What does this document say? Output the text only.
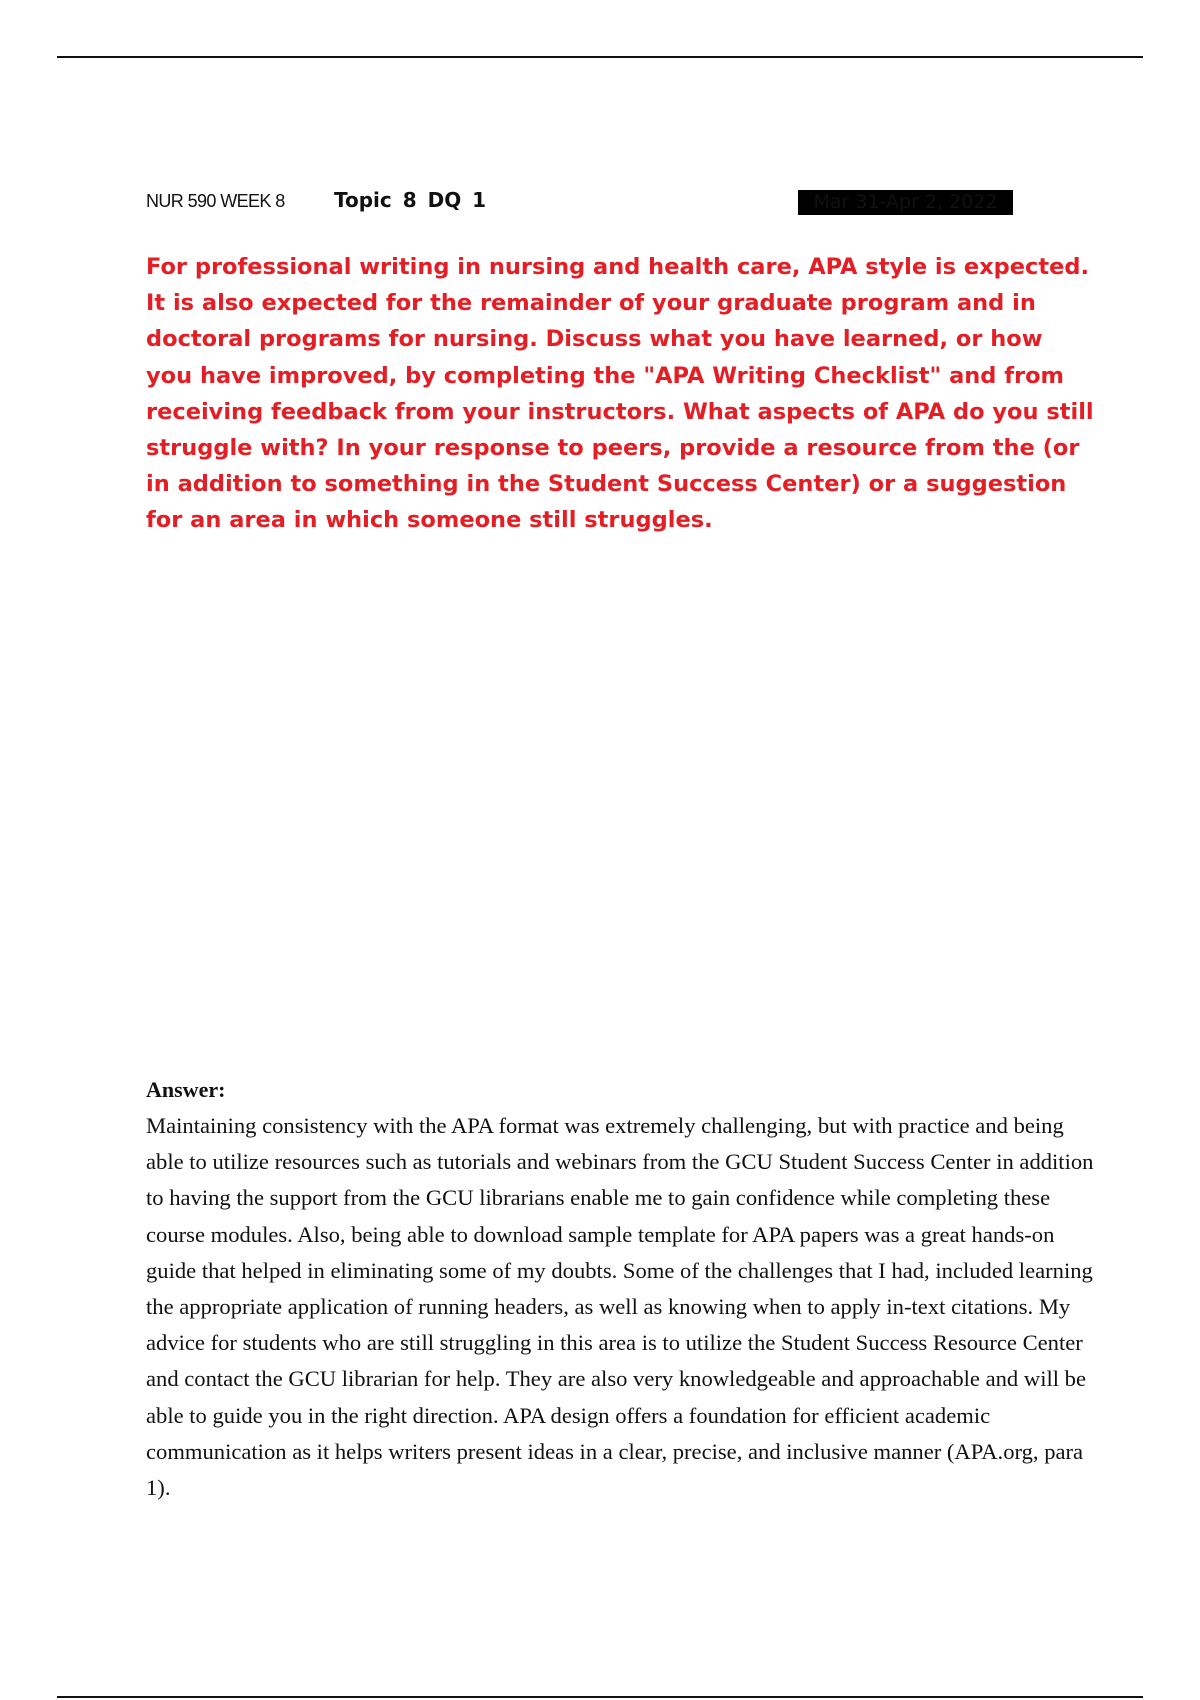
NUR 590 WEEK 8 Topic 8 DQ 1	Mar 31-Apr 2, 2022

For professional writing in nursing and health care, APA style is expected. It is also expected for the remainder of your graduate program and in doctoral programs for nursing. Discuss what you have learned, or how you have improved, by completing the "APA Writing Checklist" and from receiving feedback from your instructors. What aspects of APA do you still struggle with? In your response to peers, provide a resource from the (or in addition to something in the Student Success Center) or a suggestion for an area in which someone still struggles.

Answer:

Maintaining consistency with the APA format was extremely challenging, but with practice and being able to utilize resources such as tutorials and webinars from the GCU Student Success Center in addition to having the support from the GCU librarians enable me to gain confidence while completing these course modules. Also, being able to download sample template for APA papers was a great hands-on guide that helped in eliminating some of my doubts. Some of the challenges that I had, included learning the appropriate application of running headers, as well as knowing when to apply in-text citations. My advice for students who are still struggling in this area is to utilize the Student Success Resource Center and contact the GCU librarian for help. They are also very knowledgeable and approachable and will be able to guide you in the right direction. APA design offers a foundation for efficient academic communication as it helps writers present ideas in a clear, precise, and inclusive manner (APA.org, para 1).
